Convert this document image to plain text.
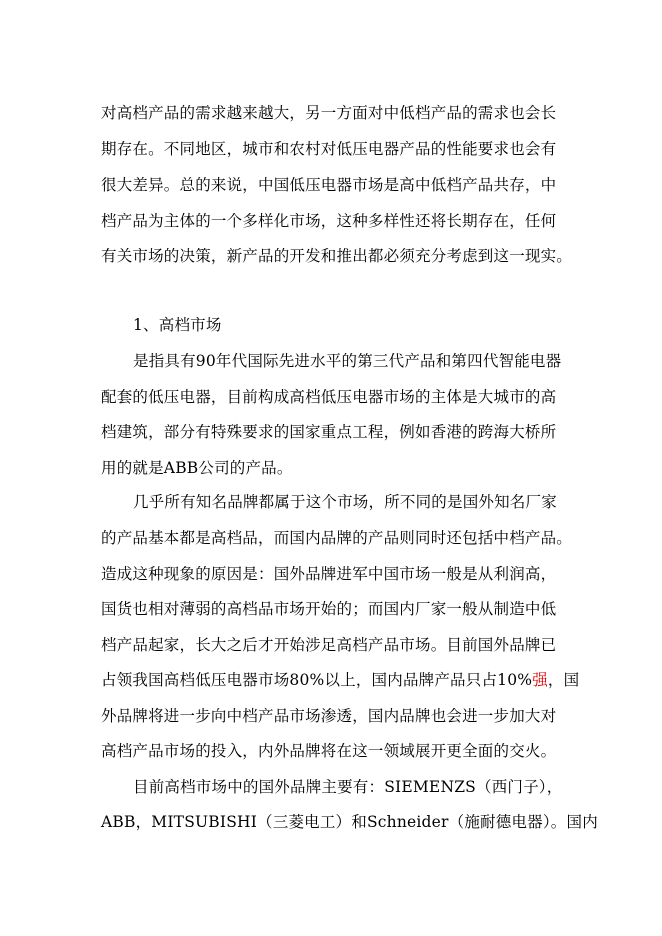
对高档产品的需求越来越大，另一方面对中低档产品的需求也会长
期存在。不同地区，城市和农村对低压电器产品的性能要求也会有
很大差异。总的来说，中国低压电器市场是高中低档产品共存，中
档产品为主体的一个多样化市场，这种多样性还将长期存在，任何
有关市场的决策，新产品的开发和推出都必须充分考虑到这一现实。
1、高档市场
是指具有90年代国际先进水平的第三代产品和第四代智能电器
配套的低压电器，目前构成高档低压电器市场的主体是大城市的高
档建筑，部分有特殊要求的国家重点工程，例如香港的跨海大桥所
用的就是ABB公司的产品。
几乎所有知名品牌都属于这个市场，所不同的是国外知名厂家
的产品基本都是高档品，而国内品牌的产品则同时还包括中档产品。
造成这种现象的原因是：国外品牌进军中国市场一般是从利润高，
国货也相对薄弱的高档品市场开始的；而国内厂家一般从制造中低
档产品起家，长大之后才开始涉足高档产品市场。目前国外品牌已
占领我国高档低压电器市场80%以上，国内品牌产品只占10%强，国
外品牌将进一步向中档产品市场渗透，国内品牌也会进一步加大对
高档产品市场的投入，内外品牌将在这一领域展开更全面的交火。
目前高档市场中的国外品牌主要有：SIEMENZS（西门子），
ABB，MITSUBISHI（三菱电工）和Schneider（施耐德电器）。国内
